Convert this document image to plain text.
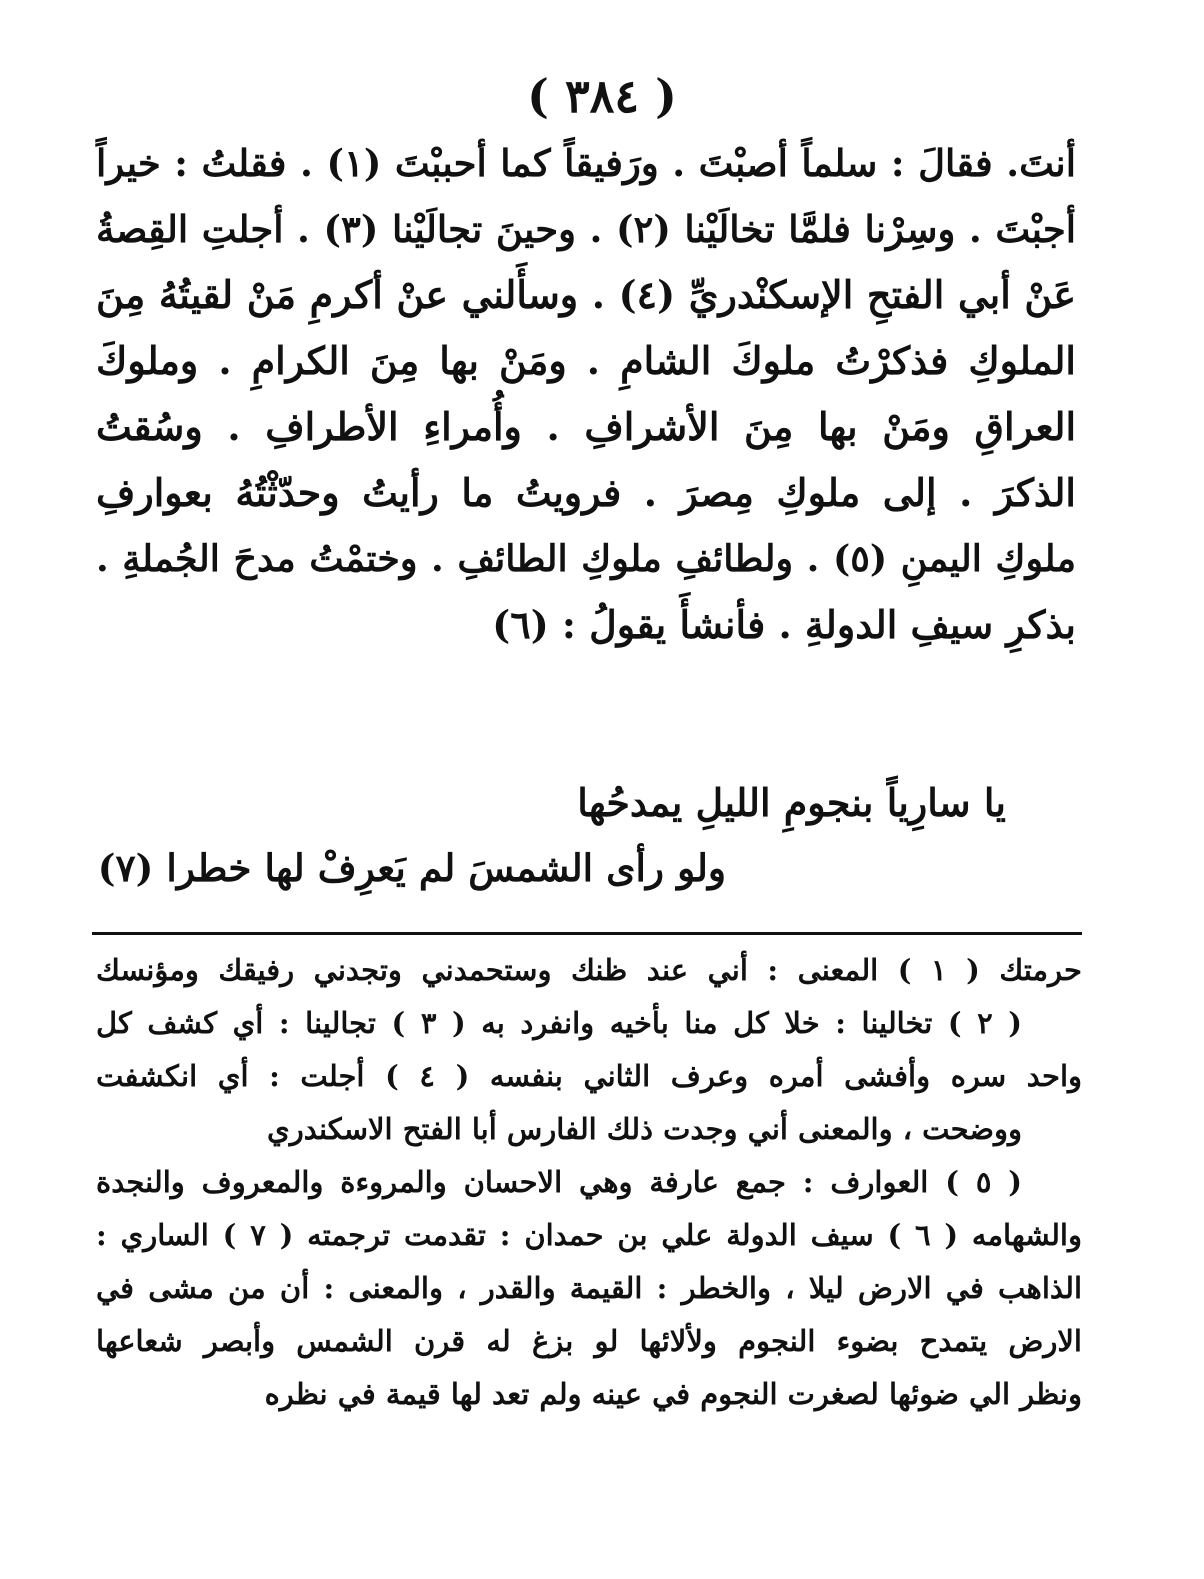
( ٣٨٤ )
أنتَ. فقالَ : سلماً أصبْتَ . ورَفيقاً كما أحببْتَ (١) . فقلتُ : خيراً
أجبْتَ . وسِرْنا فلمَّا تخالَيْنا (٢) . وحينَ تجالَيْنا (٣) . أجلتِ القِصةُ
عَنْ أبي الفتحِ الإسكنْدريِّ (٤) . وسأَلني عنْ أكرمِ مَنْ لقيتُهُ مِنَ
الملوكِ فذكرْتُ ملوكَ الشامِ . ومَنْ بها مِنَ الكرامِ . وملوكَ
العراقِ ومَنْ بها مِنَ الأشرافِ . وأُمراءِ الأطرافِ . وسُقتُ
الذكرَ . إلى ملوكِ مِصرَ . فرويتُ ما رأيتُ وحدّثْتُهُ بعوارفِ
ملوكِ اليمنِ (٥) . ولطائفِ ملوكِ الطائفِ . وختمْتُ مدحَ الجُملةِ .
بذكرِ سيفِ الدولةِ . فأنشأَ يقولُ : (٦)
يا سارِياً بنجومِ الليلِ يمدحُها
ولو رأى الشمسَ لم يَعرِفْ لها خطرا (٧)
حرمتك ( ١ ) المعنى : أني عند ظنك وستحمدني وتجدني رفيقك ومؤنسك
( ٢ ) تخالينا : خلا كل منا بأخيه وانفرد به ( ٣ ) تجالينا : أي كشف كل
واحد سره وأفشى أمره وعرف الثاني بنفسه ( ٤ ) أجلت : أي انكشفت
ووضحت ، والمعنى أني وجدت ذلك الفارس أبا الفتح الاسكندري
( ٥ ) العوارف : جمع عارفة وهي الاحسان والمروءة والمعروف والنجدة
والشهامه ( ٦ ) سيف الدولة علي بن حمدان : تقدمت ترجمته ( ٧ ) الساري :
الذاهب في الارض ليلا ، والخطر : القيمة والقدر ، والمعنى : أن من مشى في
الارض يتمدح بضوء النجوم ولألائها لو بزغ له قرن الشمس وأبصر شعاعها
ونظر الي ضوئها لصغرت النجوم في عينه ولم تعد لها قيمة في نظره
